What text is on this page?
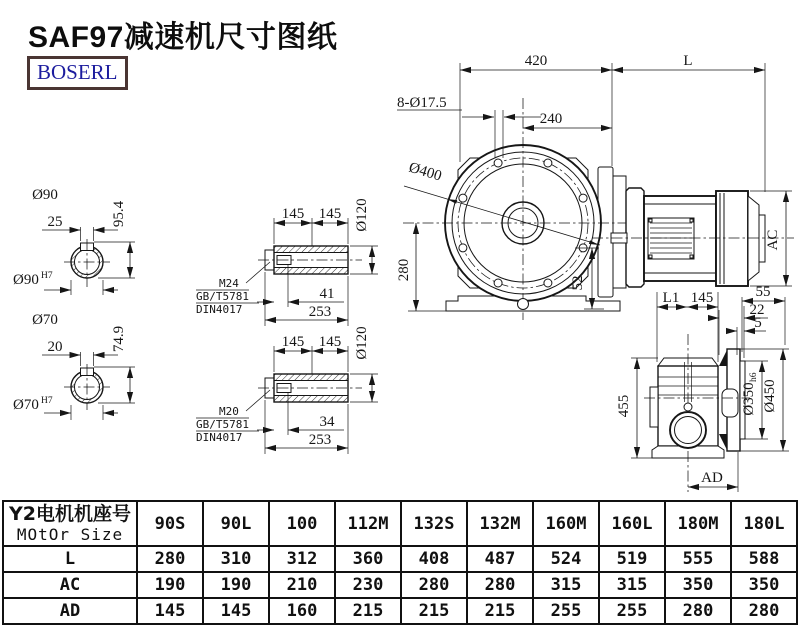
SAF97减速机尺寸图纸
BOSERL	420	L
8-Ø17.5
240
Ø400
280
52
AC
25	95.4
Ø90
Ø90 H7
20	74.9
Ø70
Ø70 H7
145 145 Ø120
M24
GB/T5781
DIN4017
41
253
145 145 Ø120
M20
GB/T5781
DIN4017
34
253
455	Ø350
h6
Ø450
L1 145	55
22
5
AD
Y2电机机座号
MOtOr Size	90S	90L	100	112M	132S	132M	160M	160L	180M	180L
L	280	310	312	360	408	487	524	519	555	588
AC	190	190	210	230	280	280	315	315	350	350
AD	145	145	160	215	215	215	255	255	280	280
